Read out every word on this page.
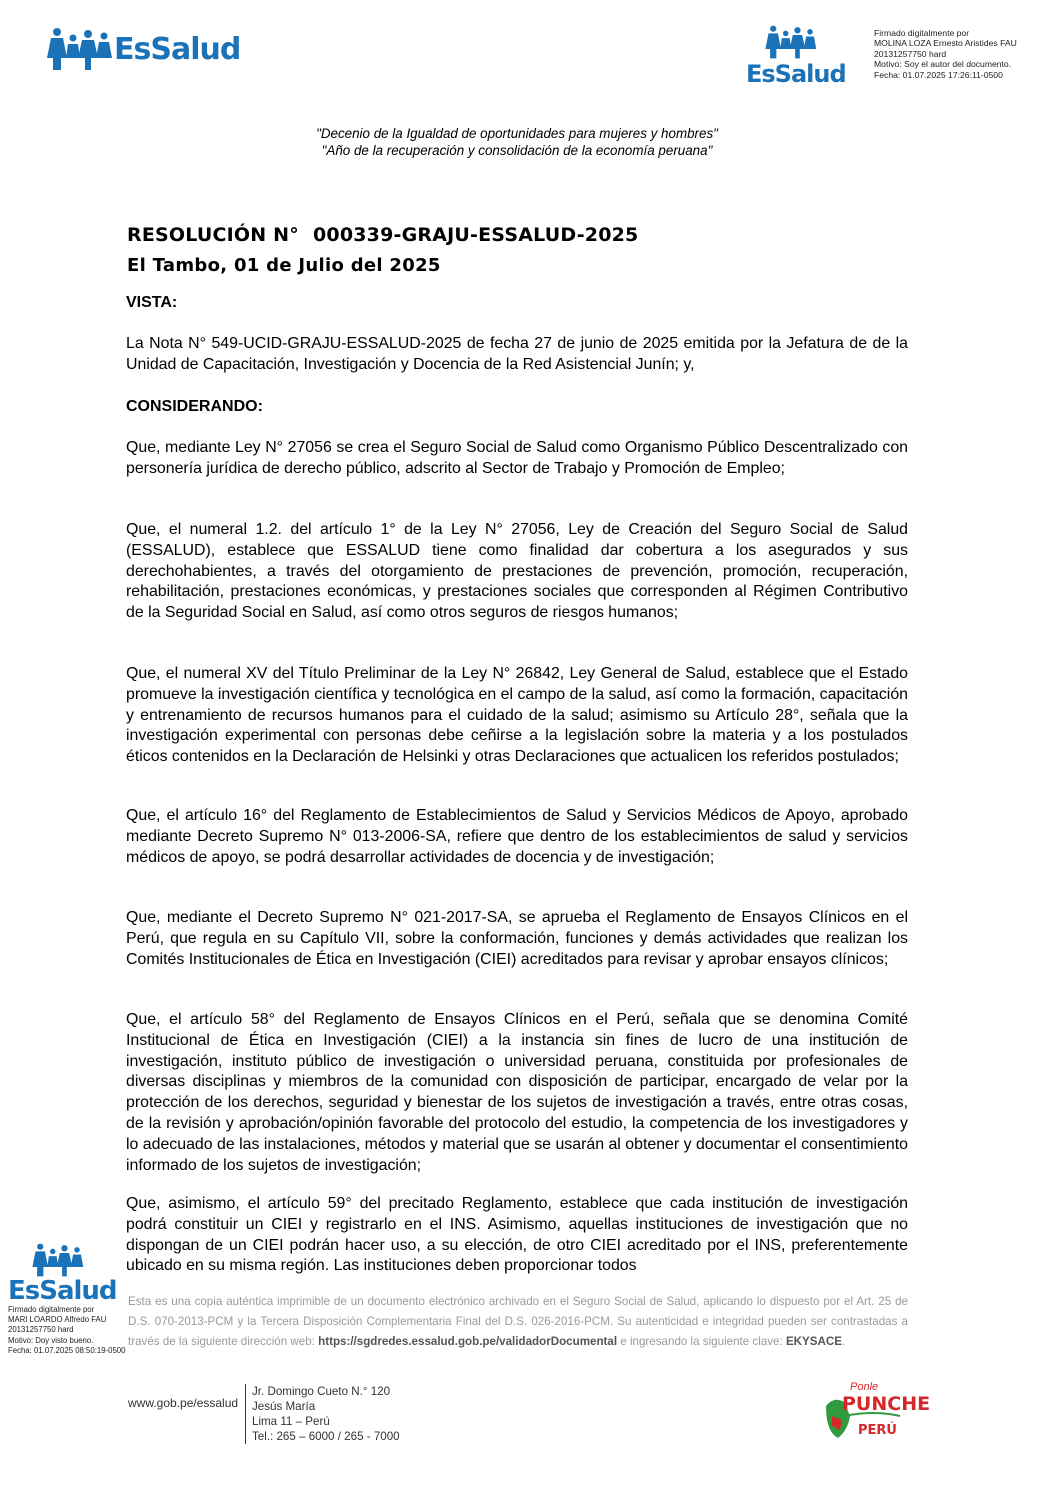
EsSalud
EsSalud
Firmado digitalmente por
MOLINA LOZA Ernesto Aristides FAU
20131257750 hard
Motivo: Soy el autor del documento.
Fecha: 01.07.2025 17:26:11-0500
"Decenio de la Igualdad de oportunidades para mujeres y hombres"
"Año de la recuperación y consolidación de la economía peruana"
RESOLUCIÓN N° 000339-GRAJU-ESSALUD-2025
El Tambo, 01 de Julio del 2025
VISTA:
La Nota N° 549-UCID-GRAJU-ESSALUD-2025 de fecha 27 de junio de 2025 emitida por la Jefatura de de la Unidad de Capacitación, Investigación y Docencia de la Red Asistencial Junín; y,
CONSIDERANDO:
Que, mediante Ley N° 27056 se crea el Seguro Social de Salud como Organismo Público Descentralizado con personería jurídica de derecho público, adscrito al Sector de Trabajo y Promoción de Empleo;
Que, el numeral 1.2. del artículo 1° de la Ley N° 27056, Ley de Creación del Seguro Social de Salud (ESSALUD), establece que ESSALUD tiene como finalidad dar cobertura a los asegurados y sus derechohabientes, a través del otorgamiento de prestaciones de prevención, promoción, recuperación, rehabilitación, prestaciones económicas, y prestaciones sociales que corresponden al Régimen Contributivo de la Seguridad Social en Salud, así como otros seguros de riesgos humanos;
Que, el numeral XV del Título Preliminar de la Ley N° 26842, Ley General de Salud, establece que el Estado promueve la investigación científica y tecnológica en el campo de la salud, así como la formación, capacitación y entrenamiento de recursos humanos para el cuidado de la salud; asimismo su Artículo 28°, señala que la investigación experimental con personas debe ceñirse a la legislación sobre la materia y a los postulados éticos contenidos en la Declaración de Helsinki y otras Declaraciones que actualicen los referidos postulados;
Que, el artículo 16° del Reglamento de Establecimientos de Salud y Servicios Médicos de Apoyo, aprobado mediante Decreto Supremo N° 013-2006-SA, refiere que dentro de los establecimientos de salud y servicios médicos de apoyo, se podrá desarrollar actividades de docencia y de investigación;
Que, mediante el Decreto Supremo N° 021-2017-SA, se aprueba el Reglamento de Ensayos Clínicos en el Perú, que regula en su Capítulo VII, sobre la conformación, funciones y demás actividades que realizan los Comités Institucionales de Ética en Investigación (CIEI) acreditados para revisar y aprobar ensayos clínicos;
Que, el artículo 58° del Reglamento de Ensayos Clínicos en el Perú, señala que se denomina Comité Institucional de Ética en Investigación (CIEI) a la instancia sin fines de lucro de una institución de investigación, instituto público de investigación o universidad peruana, constituida por profesionales de diversas disciplinas y miembros de la comunidad con disposición de participar, encargado de velar por la protección de los derechos, seguridad y bienestar de los sujetos de investigación a través, entre otras cosas, de la revisión y aprobación/opinión favorable del protocolo del estudio, la competencia de los investigadores y lo adecuado de las instalaciones, métodos y material que se usarán al obtener y documentar el consentimiento informado de los sujetos de investigación;
Que, asimismo, el artículo 59° del precitado Reglamento, establece que cada institución de investigación podrá constituir un CIEI y registrarlo en el INS. Asimismo, aquellas instituciones de investigación que no dispongan de un CIEI podrán hacer uso, a su elección, de otro CIEI acreditado por el INS, preferentemente ubicado en su misma región. Las instituciones deben proporcionar todos
EsSalud
Firmado digitalmente por
MARI LOARDO Alfredo FAU
20131257750 hard
Motivo: Doy visto bueno.
Fecha: 01.07.2025 08:50:19-0500
Esta es una copia auténtica imprimible de un documento electrónico archivado en el Seguro Social de Salud, aplicando lo dispuesto por el Art. 25 de D.S. 070-2013-PCM y la Tercera Disposición Complementaria Final del D.S. 026-2016-PCM. Su autenticidad e integridad pueden ser contrastadas a través de la siguiente dirección web: https://sgdredes.essalud.gob.pe/validadorDocumental e ingresando la siguiente clave: EKYSACE.
www.gob.pe/essalud
Jr. Domingo Cueto N.° 120
Jesús María
Lima 11 – Perú
Tel.: 265 – 6000 / 265 - 7000
Ponle
PUNCHE
PERÚ
